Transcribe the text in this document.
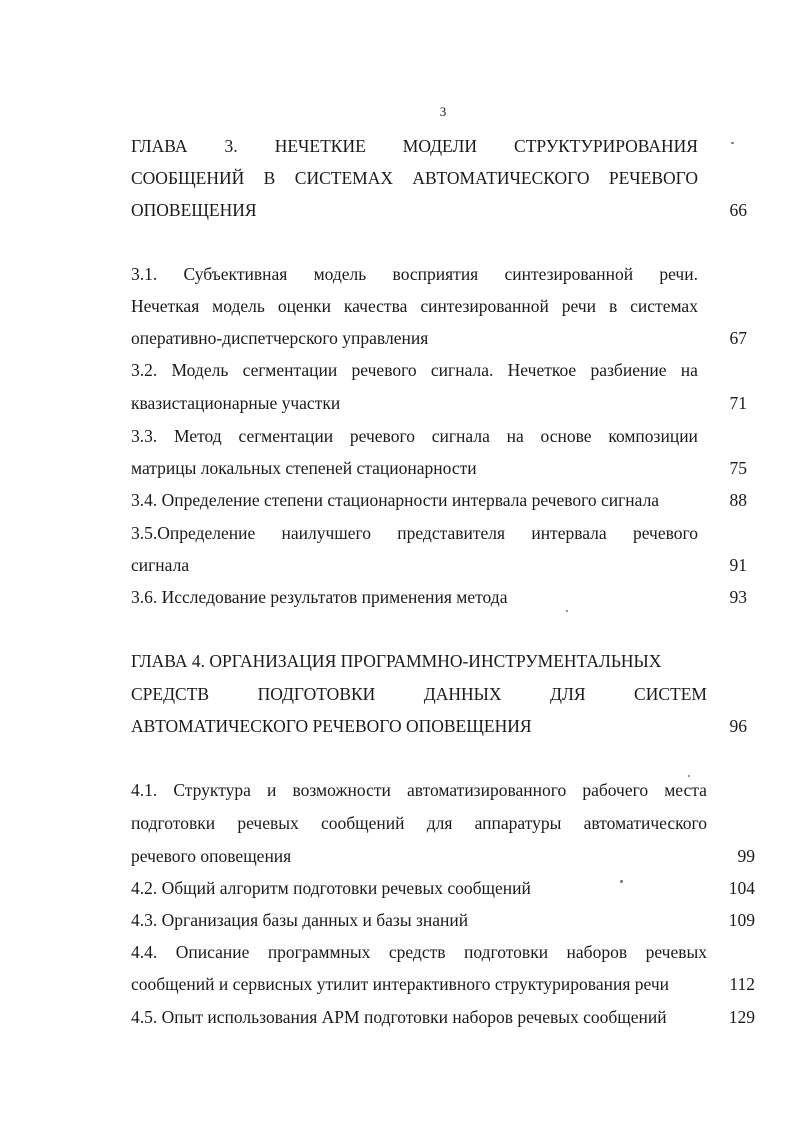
3
ГЛАВА 3. НЕЧЕТКИЕ МОДЕЛИ СТРУКТУРИРОВАНИЯ
СООБЩЕНИЙ В СИСТЕМАХ АВТОМАТИЧЕСКОГО РЕЧЕВОГО
ОПОВЕЩЕНИЯ	66
3.1. Субъективная модель восприятия синтезированной речи.
Нечеткая модель оценки качества синтезированной речи в системах
оперативно-диспетчерского управления	67
3.2. Модель сегментации речевого сигнала. Нечеткое разбиение на
квазистационарные участки	71
3.3. Метод сегментации речевого сигнала на основе композиции
матрицы локальных степеней стационарности	75
3.4. Определение степени стационарности интервала речевого сигнала	88
3.5.Определение наилучшего представителя интервала речевого
сигнала	91
3.6. Исследование результатов применения метода	93
ГЛАВА 4. ОРГАНИЗАЦИЯ ПРОГРАММНО-ИНСТРУМЕНТАЛЬНЫХ
СРЕДСТВ	ПОДГОТОВКИ	ДАННЫХ	ДЛЯ	СИСТЕМ
АВТОМАТИЧЕСКОГО РЕЧЕВОГО ОПОВЕЩЕНИЯ	96
4.1. Структура и возможности автоматизированного рабочего места
подготовки речевых сообщений для аппаратуры автоматического
речевого оповещения	99
4.2. Общий алгоритм подготовки речевых сообщений	104
4.3. Организация базы данных и базы знаний	109
4.4. Описание программных средств подготовки наборов речевых
сообщений и сервисных утилит интерактивного структурирования речи	112
4.5. Опыт использования АРМ подготовки наборов речевых сообщений	129
